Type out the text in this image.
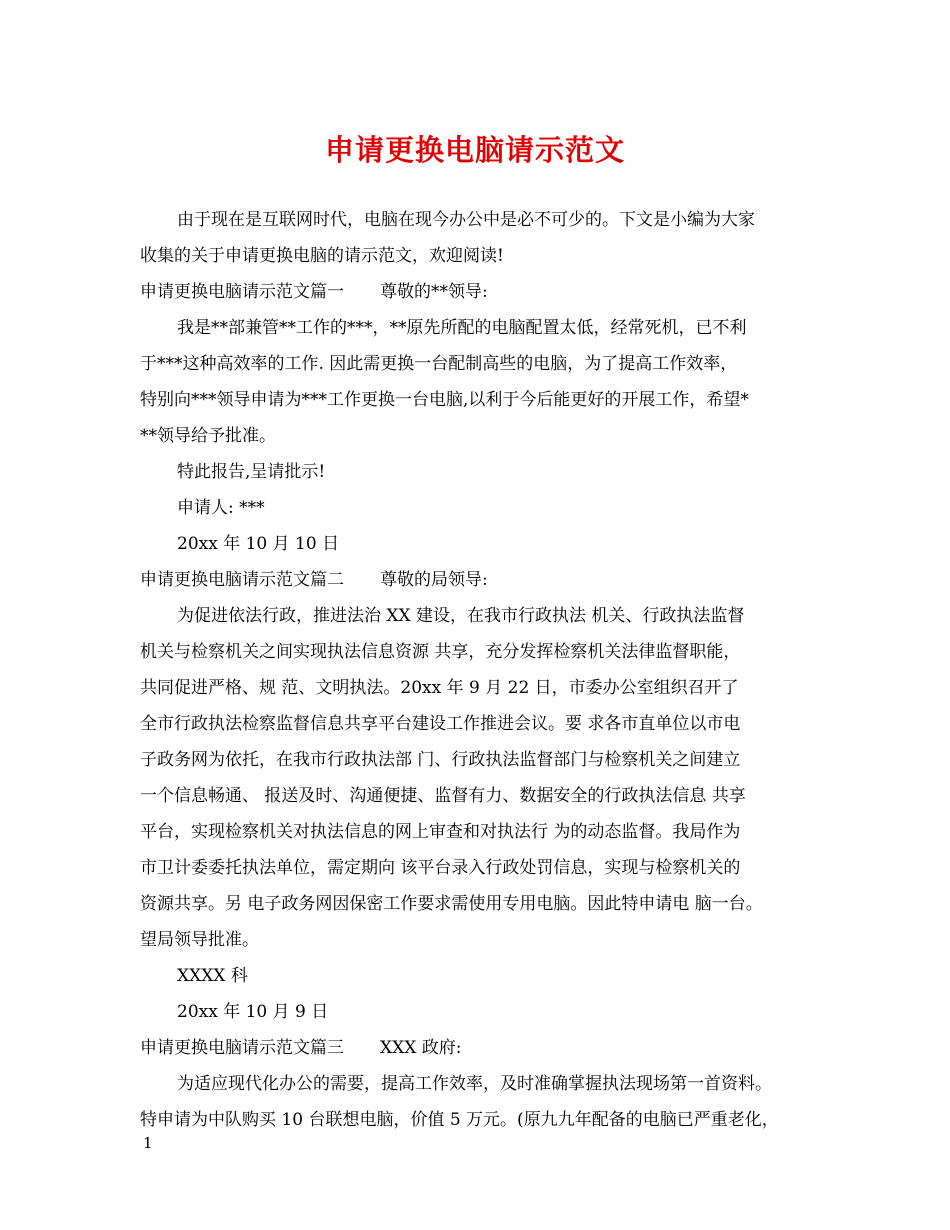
申请更换电脑请示范文
由于现在是互联网时代，电脑在现今办公中是必不可少的。下文是小编为大家
收集的关于申请更换电脑的请示范文，欢迎阅读!
申请更换电脑请示范文篇一 尊敬的**领导:
我是**部兼管**工作的***，**原先所配的电脑配置太低，经常死机，已不利
于***这种高效率的工作. 因此需更换一台配制高些的电脑，为了提高工作效率，
特别向***领导申请为***工作更换一台电脑,以利于今后能更好的开展工作，希望*
**领导给予批准。
特此报告,呈请批示!
申请人: ***
20xx 年 10 月 10 日
申请更换电脑请示范文篇二 尊敬的局领导:
为促进依法行政，推进法治 XX 建设，在我市行政执法 机关、行政执法监督
机关与检察机关之间实现执法信息资源 共享，充分发挥检察机关法律监督职能，
共同促进严格、规 范、文明执法。20xx 年 9 月 22 日，市委办公室组织召开了
全市行政执法检察监督信息共享平台建设工作推进会议。要 求各市直单位以市电
子政务网为依托，在我市行政执法部 门、行政执法监督部门与检察机关之间建立
一个信息畅通、 报送及时、沟通便捷、监督有力、数据安全的行政执法信息 共享
平台，实现检察机关对执法信息的网上审查和对执法行 为的动态监督。我局作为
市卫计委委托执法单位，需定期向 该平台录入行政处罚信息，实现与检察机关的
资源共享。另 电子政务网因保密工作要求需使用专用电脑。因此特申请电 脑一台。
望局领导批准。
XXXX 科
20xx 年 10 月 9 日
申请更换电脑请示范文篇三 XXX 政府:
为适应现代化办公的需要，提高工作效率，及时准确掌握执法现场第一首资料。
特申请为中队购买 10 台联想电脑，价值 5 万元。(原九九年配备的电脑已严重老化，
1
